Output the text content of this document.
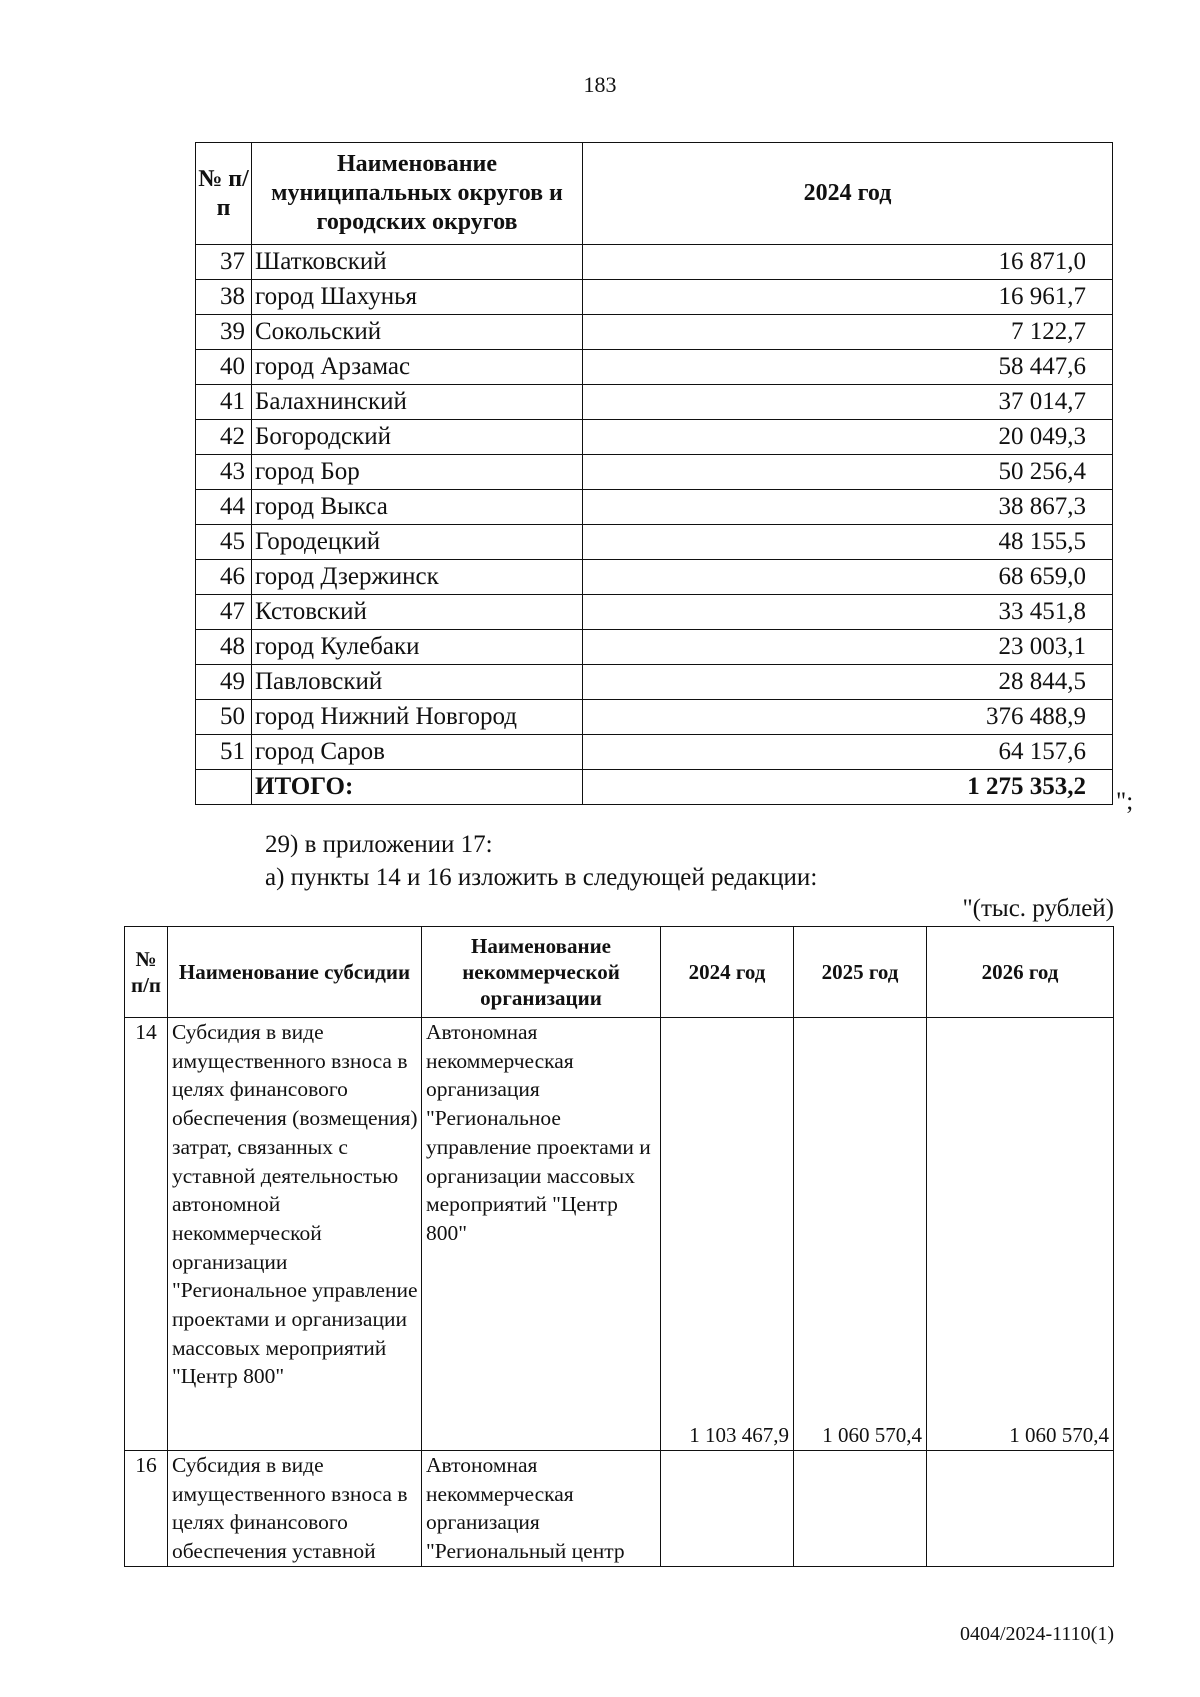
183
№ п/п	Наименование муниципальных округов и городских округов	2024 год
37	Шатковский	16 871,0
38	город Шахунья	16 961,7
39	Сокольский	7 122,7
40	город Арзамас	58 447,6
41	Балахнинский	37 014,7
42	Богородский	20 049,3
43	город Бор	50 256,4
44	город Выкса	38 867,3
45	Городецкий	48 155,5
46	город Дзержинск	68 659,0
47	Кстовский	33 451,8
48	город Кулебаки	23 003,1
49	Павловский	28 844,5
50	город Нижний Новгород	376 488,9
51	город Саров	64 157,6
	ИТОГО:	1 275 353,2
";
29) в приложении 17:
а) пункты 14 и 16 изложить в следующей редакции:
"(тыс. рублей)
№ п/п	Наименование субсидии	Наименование некоммерческой организации	2024 год	2025 год	2026 год
14	Субсидия в виде имущественного взноса в целях финансового обеспечения (возмещения) затрат, связанных с уставной деятельностью автономной некоммерческой организации "Региональное управление проектами и организации массовых мероприятий "Центр 800"	Автономная некоммерческая организация "Региональное управление проектами и организации массовых мероприятий "Центр 800"	1 103 467,9	1 060 570,4	1 060 570,4
16	Субсидия в виде имущественного взноса в целях финансового обеспечения уставной	Автономная некоммерческая организация "Региональный центр			
0404/2024-1110(1)
